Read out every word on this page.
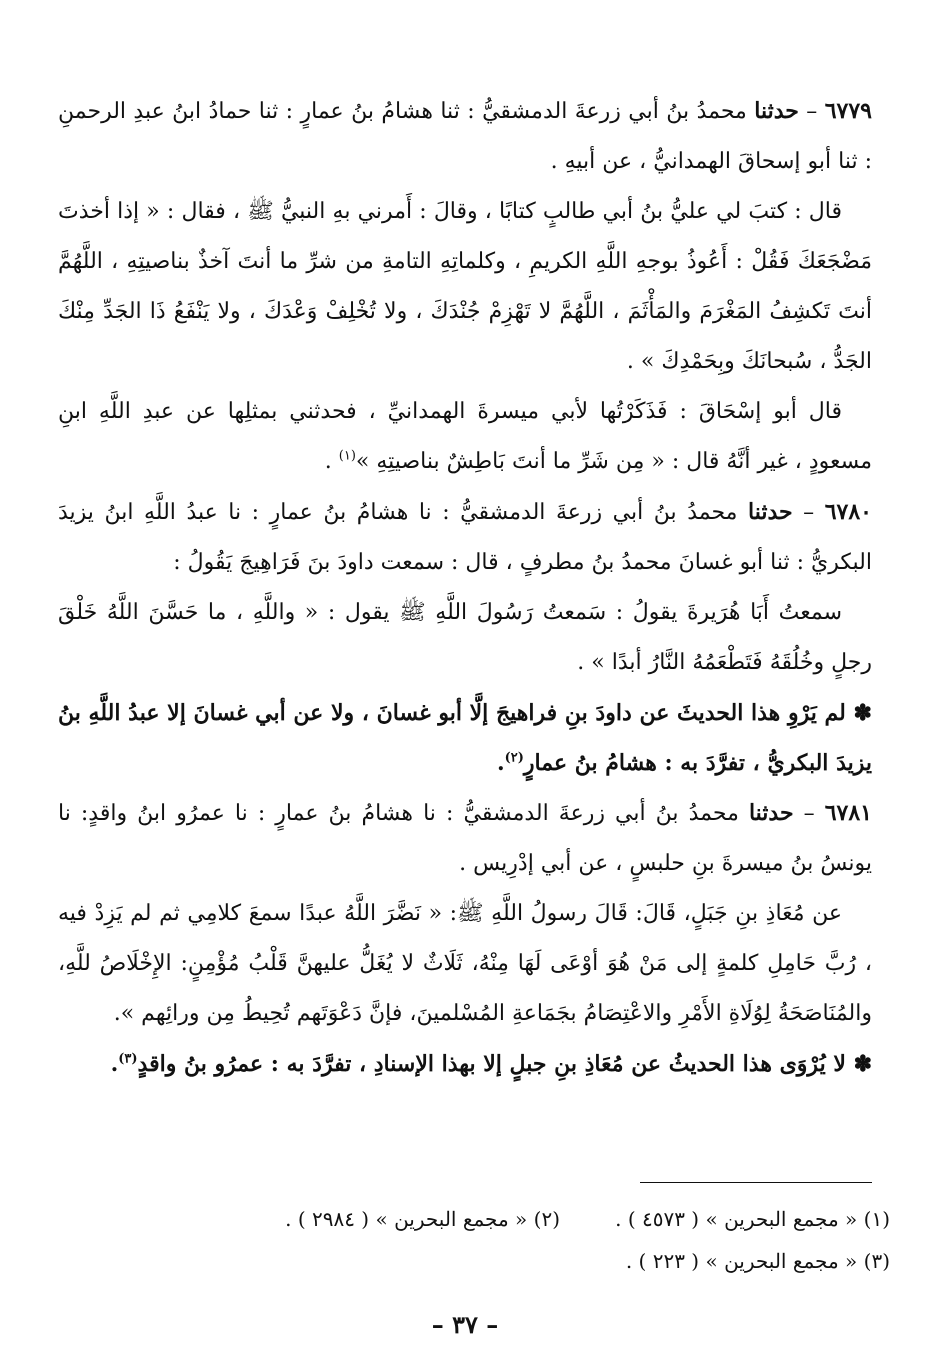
٦٧٧٩ – حدثنا محمدُ بنُ أبي زرعةَ الدمشقيُّ : ثنا هشامُ بنُ عمارٍ : ثنا حمادُ ابنُ عبدِ الرحمنِ : ثنا أبو إسحاقَ الهمدانيُّ ، عن أبيهِ .

قال : كتبَ لي عليُّ بنُ أبي طالبٍ كتابًا ، وقالَ : أَمرني بهِ النبيُّ ﷺ ، فقال : « إذا أخذتَ مَضْجَعَكَ فَقُلْ : أَعُوذُ بوجهِ اللَّهِ الكريمِ ، وكلماتِهِ التامةِ من شرِّ ما أنتَ آخذٌ بناصيتِهِ ، اللَّهُمَّ أنتَ تَكشِفُ المَغْرَمَ والمَأْثَمَ ، اللَّهُمَّ لا تَهْزِمْ جُنْدَكَ ، ولا تُخْلِفْ وَعْدَكَ ، ولا يَنْفَعُ ذَا الجَدِّ مِنْكَ الجَدُّ ، سُبحانَكَ وبِحَمْدِكَ » .

قال أبو إسْحَاقَ : فَذَكَرْتُها لأبي ميسرةَ الهمدانيِّ ، فحدثني بمثلِها عن عبدِ اللَّهِ ابنِ مسعودٍ ، غير أنَّهُ قال : « مِن شَرِّ ما أنتَ بَاطِشٌ بناصيتِهِ »$^{(١)}$ .

٦٧٨٠ – حدثنا محمدُ بنُ أبي زرعةَ الدمشقيُّ : نا هشامُ بنُ عمارٍ : نا عبدُ اللَّهِ ابنُ يزيدَ البكريُّ : ثنا أبو غسانَ محمدُ بنُ مطرفٍ ، قال : سمعت داودَ بنَ فَرَاهِيجَ يَقُولُ :

سمعتُ أَبَا هُرَيرةَ يقولُ : سَمعتُ رَسُولَ اللَّهِ ﷺ يقول : « واللَّهِ ، ما حَسَّنَ اللَّهُ خَلْقَ رجلٍ وخُلُقَهُ فَتَطْعَمُهُ النَّارُ أبدًا » .

✽ لم يَرْوِ هذا الحديثَ عن داودَ بنِ فراهيجَ إلَّا أبو غسانَ ، ولا عن أبي غسانَ إلا عبدُ اللَّهِ بنُ يزيدَ البكريُّ ، تفرَّدَ به : هشامُ بنُ عمارٍ$^{(٢)}$.

٦٧٨١ – حدثنا محمدُ بنُ أبي زرعةَ الدمشقيُّ : نا هشامُ بنُ عمارٍ : نا عمرُو ابنُ واقدٍ: نا يونسُ بنُ ميسرةَ بنِ حلبسٍ ، عن أبي إدْرِيس .

عن مُعَاذِ بنِ جَبَلٍ، قَالَ: قَالَ رسولُ اللَّهِ ﷺ: « نَضَّرَ اللَّهُ عبدًا سمعَ كلامِي ثم لم يَزِدْ فيه ، رُبَّ حَامِلِ كلمةٍ إلى مَنْ هُوَ أوْعَى لَهَا مِنْهُ، ثَلَاثٌ لا يُغَلُّ عليهنَّ قَلْبُ مُؤْمِنٍ: الإِخْلَاصُ للَّهِ، والمُنَاصَحَةُ لِوُلَاةِ الأَمْرِ والاعْتِصَامُ بجَمَاعةِ المُسْلمينَ، فإنَّ دَعْوَتَهم تُحِيطُ مِن ورائِهم ».

✽ لا يُرْوَى هذا الحديثُ عن مُعَاذِ بنِ جبلٍ إلا بهذا الإسنادِ ، تفرَّدَ به : عمرُو بنُ واقدٍ$^{(٣)}$.

(١) « مجمع البحرين » ( ٤٥٧٣ ) .
(٢) « مجمع البحرين » ( ٢٩٨٤ ) .
(٣) « مجمع البحرين » ( ٢٢٣ ) .
– ٣٧ –
